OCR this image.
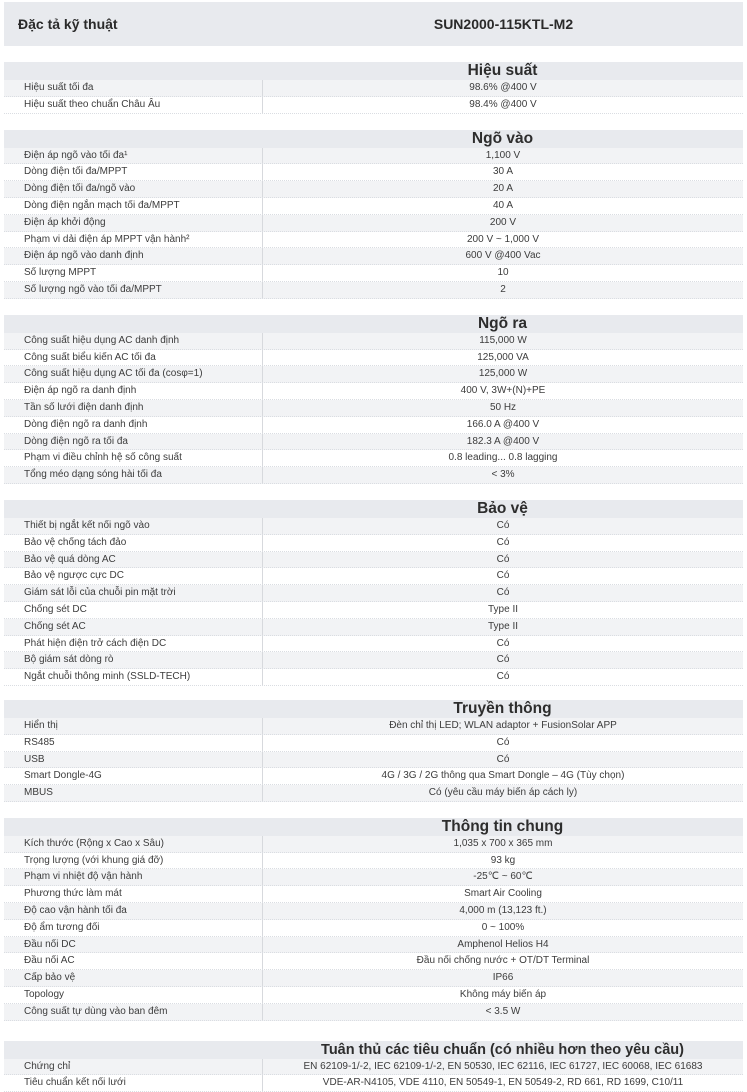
Đặc tả kỹ thuật	SUN2000-115KTL-M2
Hiệu suất
Hiệu suất tối đa	98.6% @400 V
Hiệu suất theo chuẩn Châu Âu	98.4% @400 V
Ngõ vào
Điện áp ngõ vào tối đa¹	1,100 V
Dòng điện tối đa/MPPT	30 A
Dòng điện tối đa/ngõ vào	20 A
Dòng điện ngắn mạch tối đa/MPPT	40 A
Điện áp khởi động	200 V
Phạm vi dải điện áp MPPT vận hành²	200 V ~ 1,000 V
Điện áp ngõ vào danh định	600 V @400 Vac
Số lượng MPPT	10
Số lượng ngõ vào tối đa/MPPT	2
Ngõ ra
Công suất hiệu dụng AC danh định	115,000 W
Công suất biểu kiến AC tối đa	125,000 VA
Công suất hiệu dụng AC tối đa (cosφ=1)	125,000 W
Điện áp ngõ ra danh định	400 V, 3W+(N)+PE
Tần số lưới điện danh định	50 Hz
Dòng điện ngõ ra danh định	166.0 A @400 V
Dòng điện ngõ ra tối đa	182.3 A @400 V
Phạm vi điều chỉnh hệ số công suất	0.8 leading... 0.8 lagging
Tổng méo dạng sóng hài tối đa	< 3%
Bảo vệ
Thiết bị ngắt kết nối ngõ vào	Có
Bảo vệ chống tách đảo	Có
Bảo vệ quá dòng AC	Có
Bảo vệ ngược cực DC	Có
Giám sát lỗi của chuỗi pin mặt trời	Có
Chống sét DC	Type II
Chống sét AC	Type II
Phát hiện điện trở cách điện DC	Có
Bộ giám sát dòng rò	Có
Ngắt chuỗi thông minh (SSLD-TECH)	Có
Truyền thông
Hiển thị	Đèn chỉ thị LED; WLAN adaptor + FusionSolar APP
RS485	Có
USB	Có
Smart Dongle-4G	4G / 3G / 2G thông qua Smart Dongle – 4G (Tùy chọn)
MBUS	Có (yêu cầu máy biến áp cách ly)
Thông tin chung
Kích thước (Rộng x Cao x Sâu)	1,035 x 700 x 365 mm
Trọng lượng (với khung giá đỡ)	93 kg
Phạm vi nhiệt độ vận hành	-25℃ ~ 60℃
Phương thức làm mát	Smart Air Cooling
Độ cao vận hành tối đa	4,000 m (13,123 ft.)
Độ ẩm tương đối	0 ~ 100%
Đầu nối DC	Amphenol Helios H4
Đầu nối AC	Đầu nối chống nước + OT/DT Terminal
Cấp bảo vệ	IP66
Topology	Không máy biến áp
Công suất tự dùng vào ban đêm	< 3.5 W
Tuân thủ các tiêu chuẩn (có nhiều hơn theo yêu cầu)
Chứng chỉ	EN 62109-1/-2, IEC 62109-1/-2, EN 50530, IEC 62116, IEC 61727, IEC 60068, IEC 61683
Tiêu chuẩn kết nối lưới	VDE-AR-N4105, VDE 4110, EN 50549-1, EN 50549-2, RD 661, RD 1699, C10/11
